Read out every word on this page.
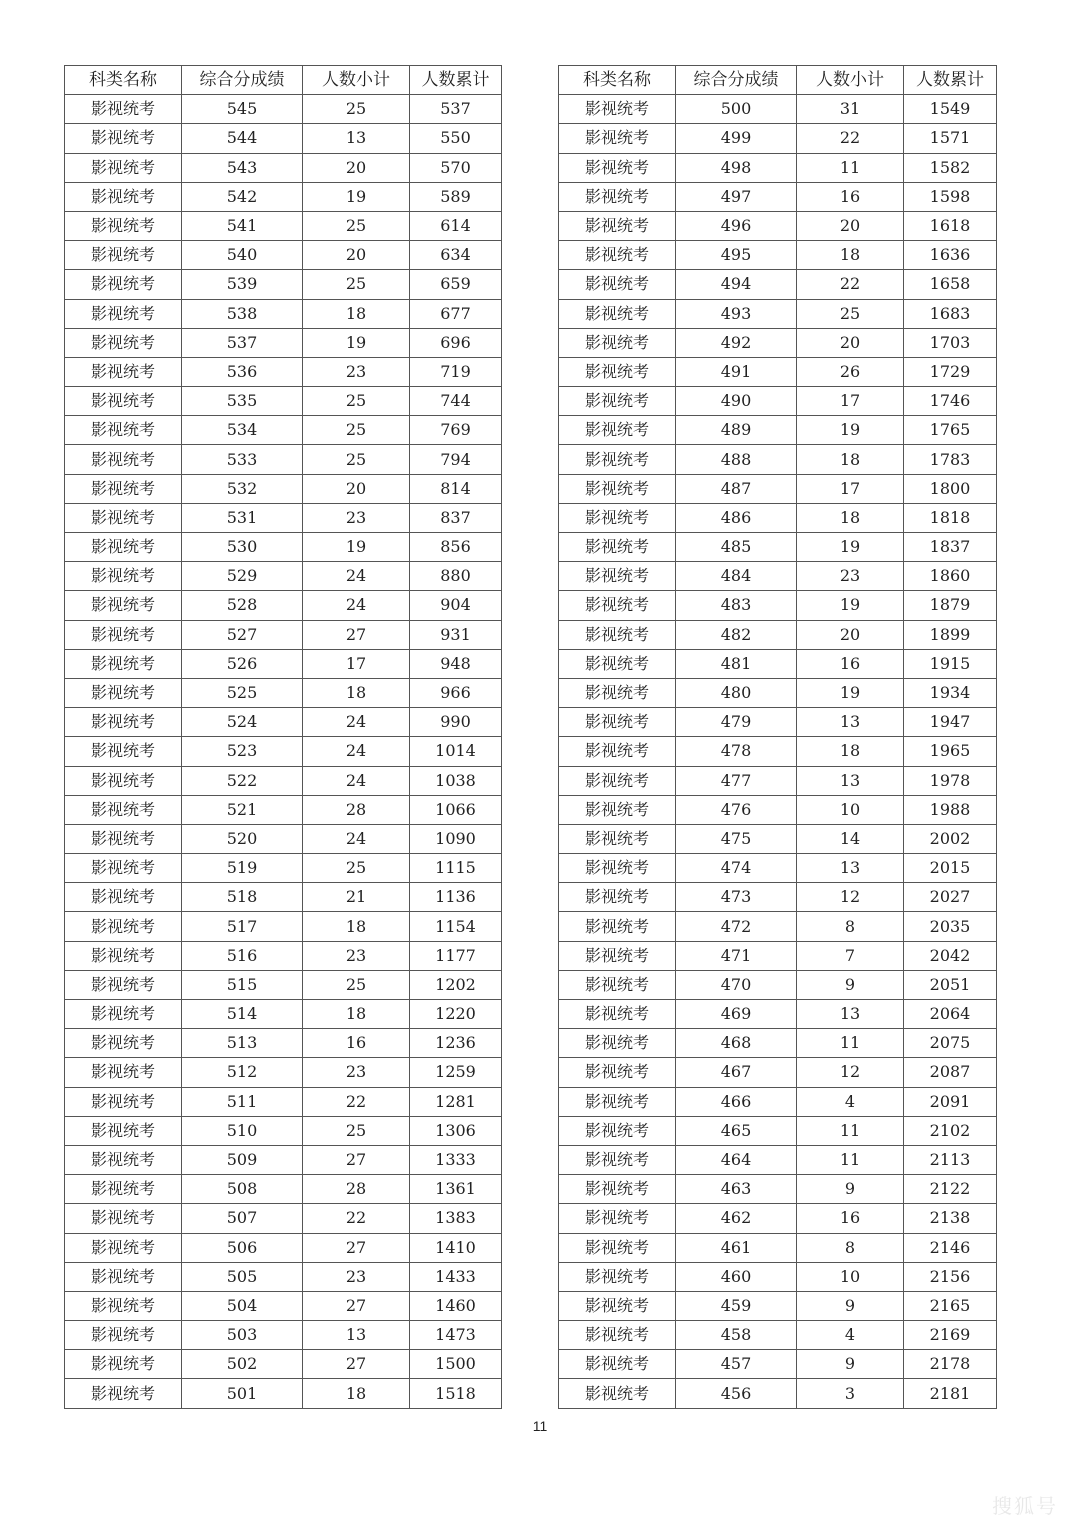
科类名称	综合分成绩	人数小计	人数累计
影视统考	545	25	537
影视统考	544	13	550
影视统考	543	20	570
影视统考	542	19	589
影视统考	541	25	614
影视统考	540	20	634
影视统考	539	25	659
影视统考	538	18	677
影视统考	537	19	696
影视统考	536	23	719
影视统考	535	25	744
影视统考	534	25	769
影视统考	533	25	794
影视统考	532	20	814
影视统考	531	23	837
影视统考	530	19	856
影视统考	529	24	880
影视统考	528	24	904
影视统考	527	27	931
影视统考	526	17	948
影视统考	525	18	966
影视统考	524	24	990
影视统考	523	24	1014
影视统考	522	24	1038
影视统考	521	28	1066
影视统考	520	24	1090
影视统考	519	25	1115
影视统考	518	21	1136
影视统考	517	18	1154
影视统考	516	23	1177
影视统考	515	25	1202
影视统考	514	18	1220
影视统考	513	16	1236
影视统考	512	23	1259
影视统考	511	22	1281
影视统考	510	25	1306
影视统考	509	27	1333
影视统考	508	28	1361
影视统考	507	22	1383
影视统考	506	27	1410
影视统考	505	23	1433
影视统考	504	27	1460
影视统考	503	13	1473
影视统考	502	27	1500
影视统考	501	18	1518
科类名称	综合分成绩	人数小计	人数累计
影视统考	500	31	1549
影视统考	499	22	1571
影视统考	498	11	1582
影视统考	497	16	1598
影视统考	496	20	1618
影视统考	495	18	1636
影视统考	494	22	1658
影视统考	493	25	1683
影视统考	492	20	1703
影视统考	491	26	1729
影视统考	490	17	1746
影视统考	489	19	1765
影视统考	488	18	1783
影视统考	487	17	1800
影视统考	486	18	1818
影视统考	485	19	1837
影视统考	484	23	1860
影视统考	483	19	1879
影视统考	482	20	1899
影视统考	481	16	1915
影视统考	480	19	1934
影视统考	479	13	1947
影视统考	478	18	1965
影视统考	477	13	1978
影视统考	476	10	1988
影视统考	475	14	2002
影视统考	474	13	2015
影视统考	473	12	2027
影视统考	472	8	2035
影视统考	471	7	2042
影视统考	470	9	2051
影视统考	469	13	2064
影视统考	468	11	2075
影视统考	467	12	2087
影视统考	466	4	2091
影视统考	465	11	2102
影视统考	464	11	2113
影视统考	463	9	2122
影视统考	462	16	2138
影视统考	461	8	2146
影视统考	460	10	2156
影视统考	459	9	2165
影视统考	458	4	2169
影视统考	457	9	2178
影视统考	456	3	2181
11
搜狐号
